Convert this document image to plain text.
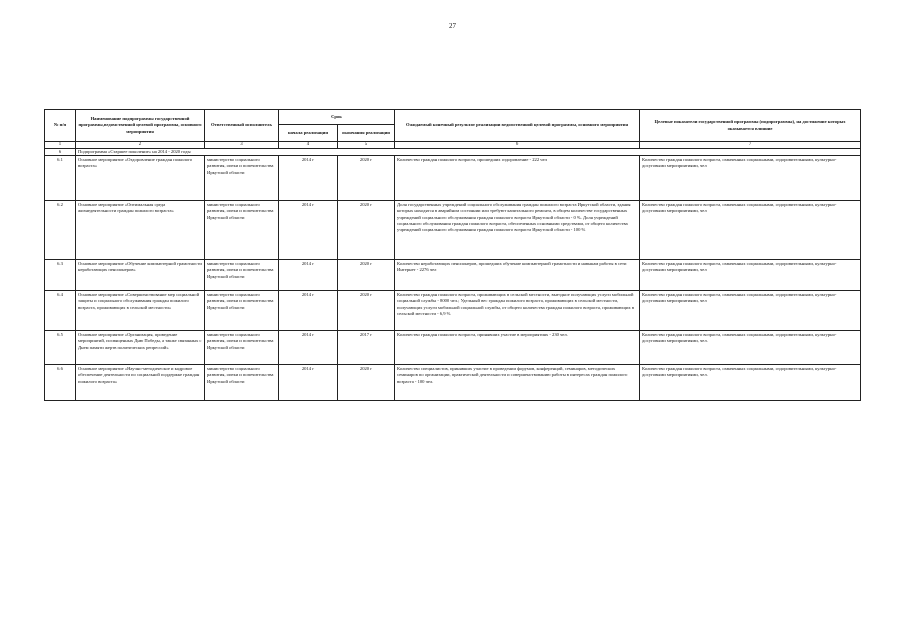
27
№ п/п	Наименование подпрограммы государственной программы,ведомственной целевой программы, основного мероприятия	Ответственный исполнитель	Срок		Ожидаемый конечный результат реализации ведомственной целевой программы, основного мероприятия	Целевые показатели государственной программы (подпрограммы), на достижение которых оказывается влияние
			начала реализации	окончания реализации		
1	2	3	4	5	6	7
6	Подпрограмма «Старшее поколение» на 2014 - 2020 годы					
6.1	Основное мероприятие «Оздоровление граждан пожилого возраста»	министерство социального развития, опеки и попечительства Иркутской области	2014 г	2020 г	Количество граждан пожилого возраста, прошедших оздоровление - 222 чел	Количество граждан пожилого возраста, охваченных социальными, оздоровительными, культурно-досуговыми мероприятиями, чел
6.2	Основное мероприятие «Оптимальная среда жизнедеятельности граждан пожилого возраста»	министерство социального развития, опеки и попечительства Иркутской области	2014 г	2020 г	Доля государственных учреждений социального обслуживания граждан пожилого возраста Иркутской области, здания которых находятся в аварийном состоянии или требуют капитального ремонта, в общем количестве государственных учреждений социального обслуживания граждан пожилого возраста Иркутской области - 0 %. Доля учреждений социального обслуживания граждан пожилого возраста, обеспеченных основными средствами, от общего количества учреждений социального обслуживания граждан пожилого возраста Иркутской области - 100 %	Количество граждан пожилого возраста, охваченных социальными, оздоровительными, культурно-досуговыми мероприятиями, чел
6.3	Основное мероприятие «Обучение компьютерной грамотности неработающих пенсионеров»	министерство социального развития, опеки и попечительства Иркутской области	2014 г	2020 г	Количество неработающих пенсионеров, прошедших обучение компьютерной грамотности и навыкам работы в сети Интернет - 2276 чел	Количество граждан пожилого возраста, охваченных социальными, оздоровительными, культурно-досуговыми мероприятиями, чел
6.4	Основное мероприятие «Совершенствование мер социальной защиты и социального обслуживания граждан пожилого возраста, проживающих в сельской местности»	министерство социального развития, опеки и попечительства Иркутской области	2014 г	2020 г	Количество граждан пожилого возраста, проживающих в сельской местности, выездное получающих услуги мобильной социальной службы - 8000 чел.; Удельный вес граждан пожилого возраста, проживающих в сельской местности, получающих услуги мобильной социальной службы, от общего количества граждан пожилого возраста, проживающих в сельской местности - 6,9 %	Количество граждан пожилого возраста, охваченных социальными, оздоровительными, культурно-досуговыми мероприятиями, чел
6.5	Основное мероприятие «Организация, проведение мероприятий, посвященных Дню Победы, а также связанных с Днем памяти жертв политических репрессий»	министерство социального развития, опеки и попечительства Иркутской области	2014 г	2017 г	Количество граждан пожилого возраста, принявших участие в мероприятиях - 230 чел.	Количество граждан пожилого возраста, охваченных социальными, оздоровительными, культурно-досуговыми мероприятиями, чел.
6.6	Основное мероприятие «Научно-методическое и кадровое обеспечение деятельности по социальной поддержке граждан пожилого возраста»	министерство социального развития, опеки и попечительства Иркутской области	2014 г	2020 г	Количество специалистов, принявших участие в проведении форумов, конференций, семинаров, методических семинаров по организации, практической деятельности и совершенствованию работы в интересах граждан пожилого возраста - 100 чел.	Количество граждан пожилого возраста, охваченных социальными, оздоровительными, культурно-досуговыми мероприятиями, чел.
